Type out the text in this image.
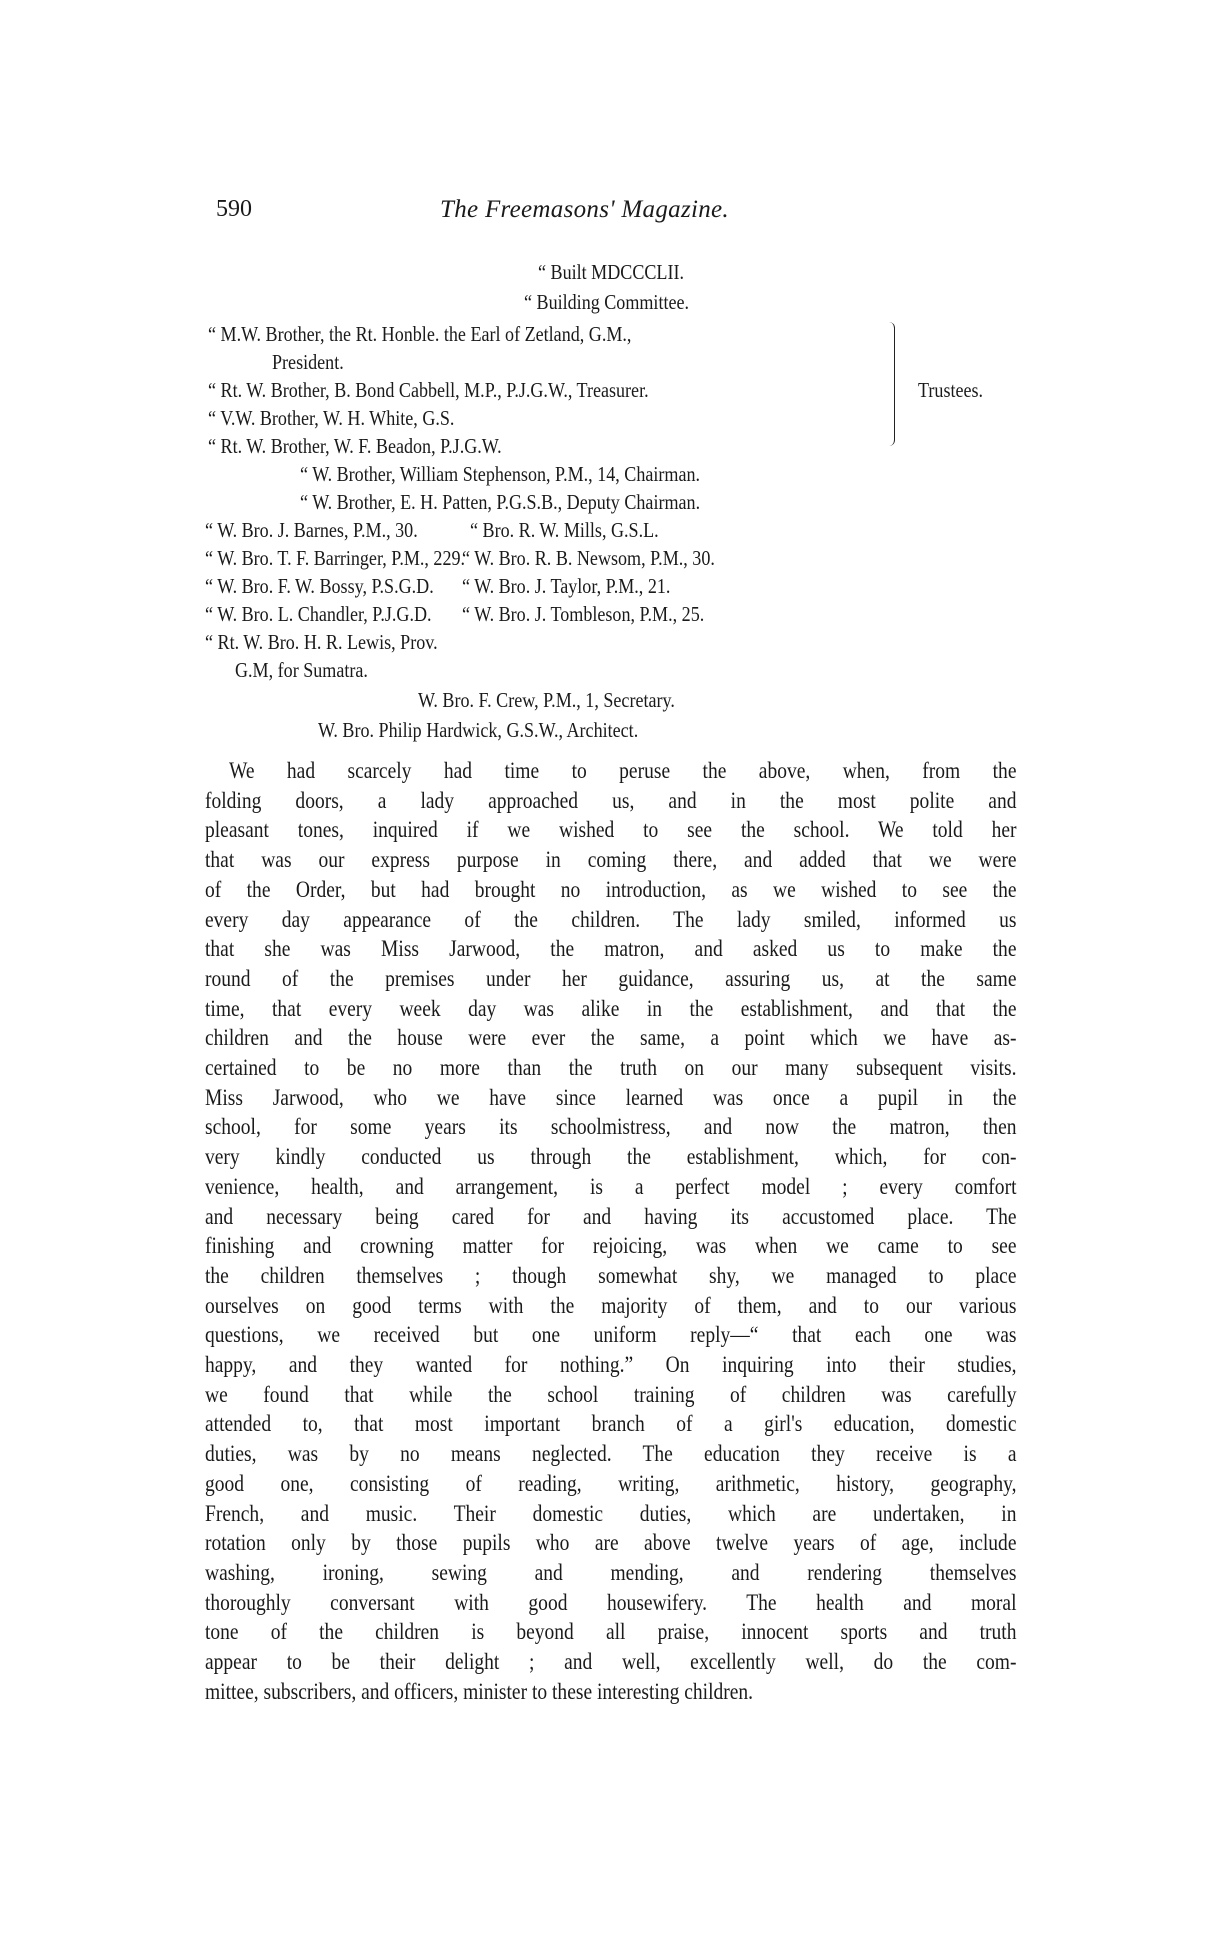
590	The Freemasons' Magazine.
“ Built MDCCCLII.
“ Building Committee.
“ M.W. Brother, the Rt. Honble. the Earl of Zetland, G.M.,
President.
“ Rt. W. Brother, B. Bond Cabbell, M.P., P.J.G.W., Treasurer.
“ V.W. Brother, W. H. White, G.S.
“ Rt. W. Brother, W. F. Beadon, P.J.G.W.
Trustees.
“ W. Brother, William Stephenson, P.M., 14, Chairman.
“ W. Brother, E. H. Patten, P.G.S.B., Deputy Chairman.
“ W. Bro. J. Barnes, P.M., 30.
“ W. Bro. T. F. Barringer, P.M., 229.
“ W. Bro. F. W. Bossy, P.S.G.D.
“ W. Bro. L. Chandler, P.J.G.D.
“ Rt. W. Bro. H. R. Lewis, Prov.
G.M, for Sumatra.
“ Bro. R. W. Mills, G.S.L.
“ W. Bro. R. B. Newsom, P.M., 30.
“ W. Bro. J. Taylor, P.M., 21.
“ W. Bro. J. Tombleson, P.M., 25.
W. Bro. F. Crew, P.M., 1, Secretary.
W. Bro. Philip Hardwick, G.S.W., Architect.
We had scarcely had time to peruse the above, when, from the
folding doors, a lady approached us, and in the most polite and
pleasant tones, inquired if we wished to see the school. We told her
that was our express purpose in coming there, and added that we were
of the Order, but had brought no introduction, as we wished to see the
every day appearance of the children. The lady smiled, informed us
that she was Miss Jarwood, the matron, and asked us to make the
round of the premises under her guidance, assuring us, at the same
time, that every week day was alike in the establishment, and that the
children and the house were ever the same, a point which we have as-
certained to be no more than the truth on our many subsequent visits.
Miss Jarwood, who we have since learned was once a pupil in the
school, for some years its schoolmistress, and now the matron, then
very kindly conducted us through the establishment, which, for con-
venience, health, and arrangement, is a perfect model ; every comfort
and necessary being cared for and having its accustomed place. The
finishing and crowning matter for rejoicing, was when we came to see
the children themselves ; though somewhat shy, we managed to place
ourselves on good terms with the majority of them, and to our various
questions, we received but one uniform reply—“ that each one was
happy, and they wanted for nothing.” On inquiring into their studies,
we found that while the school training of children was carefully
attended to, that most important branch of a girl's education, domestic
duties, was by no means neglected. The education they receive is a
good one, consisting of reading, writing, arithmetic, history, geography,
French, and music. Their domestic duties, which are undertaken, in
rotation only by those pupils who are above twelve years of age, include
washing, ironing, sewing and mending, and rendering themselves
thoroughly conversant with good housewifery. The health and moral
tone of the children is beyond all praise, innocent sports and truth
appear to be their delight ; and well, excellently well, do the com-
mittee, subscribers, and officers, minister to these interesting children.
